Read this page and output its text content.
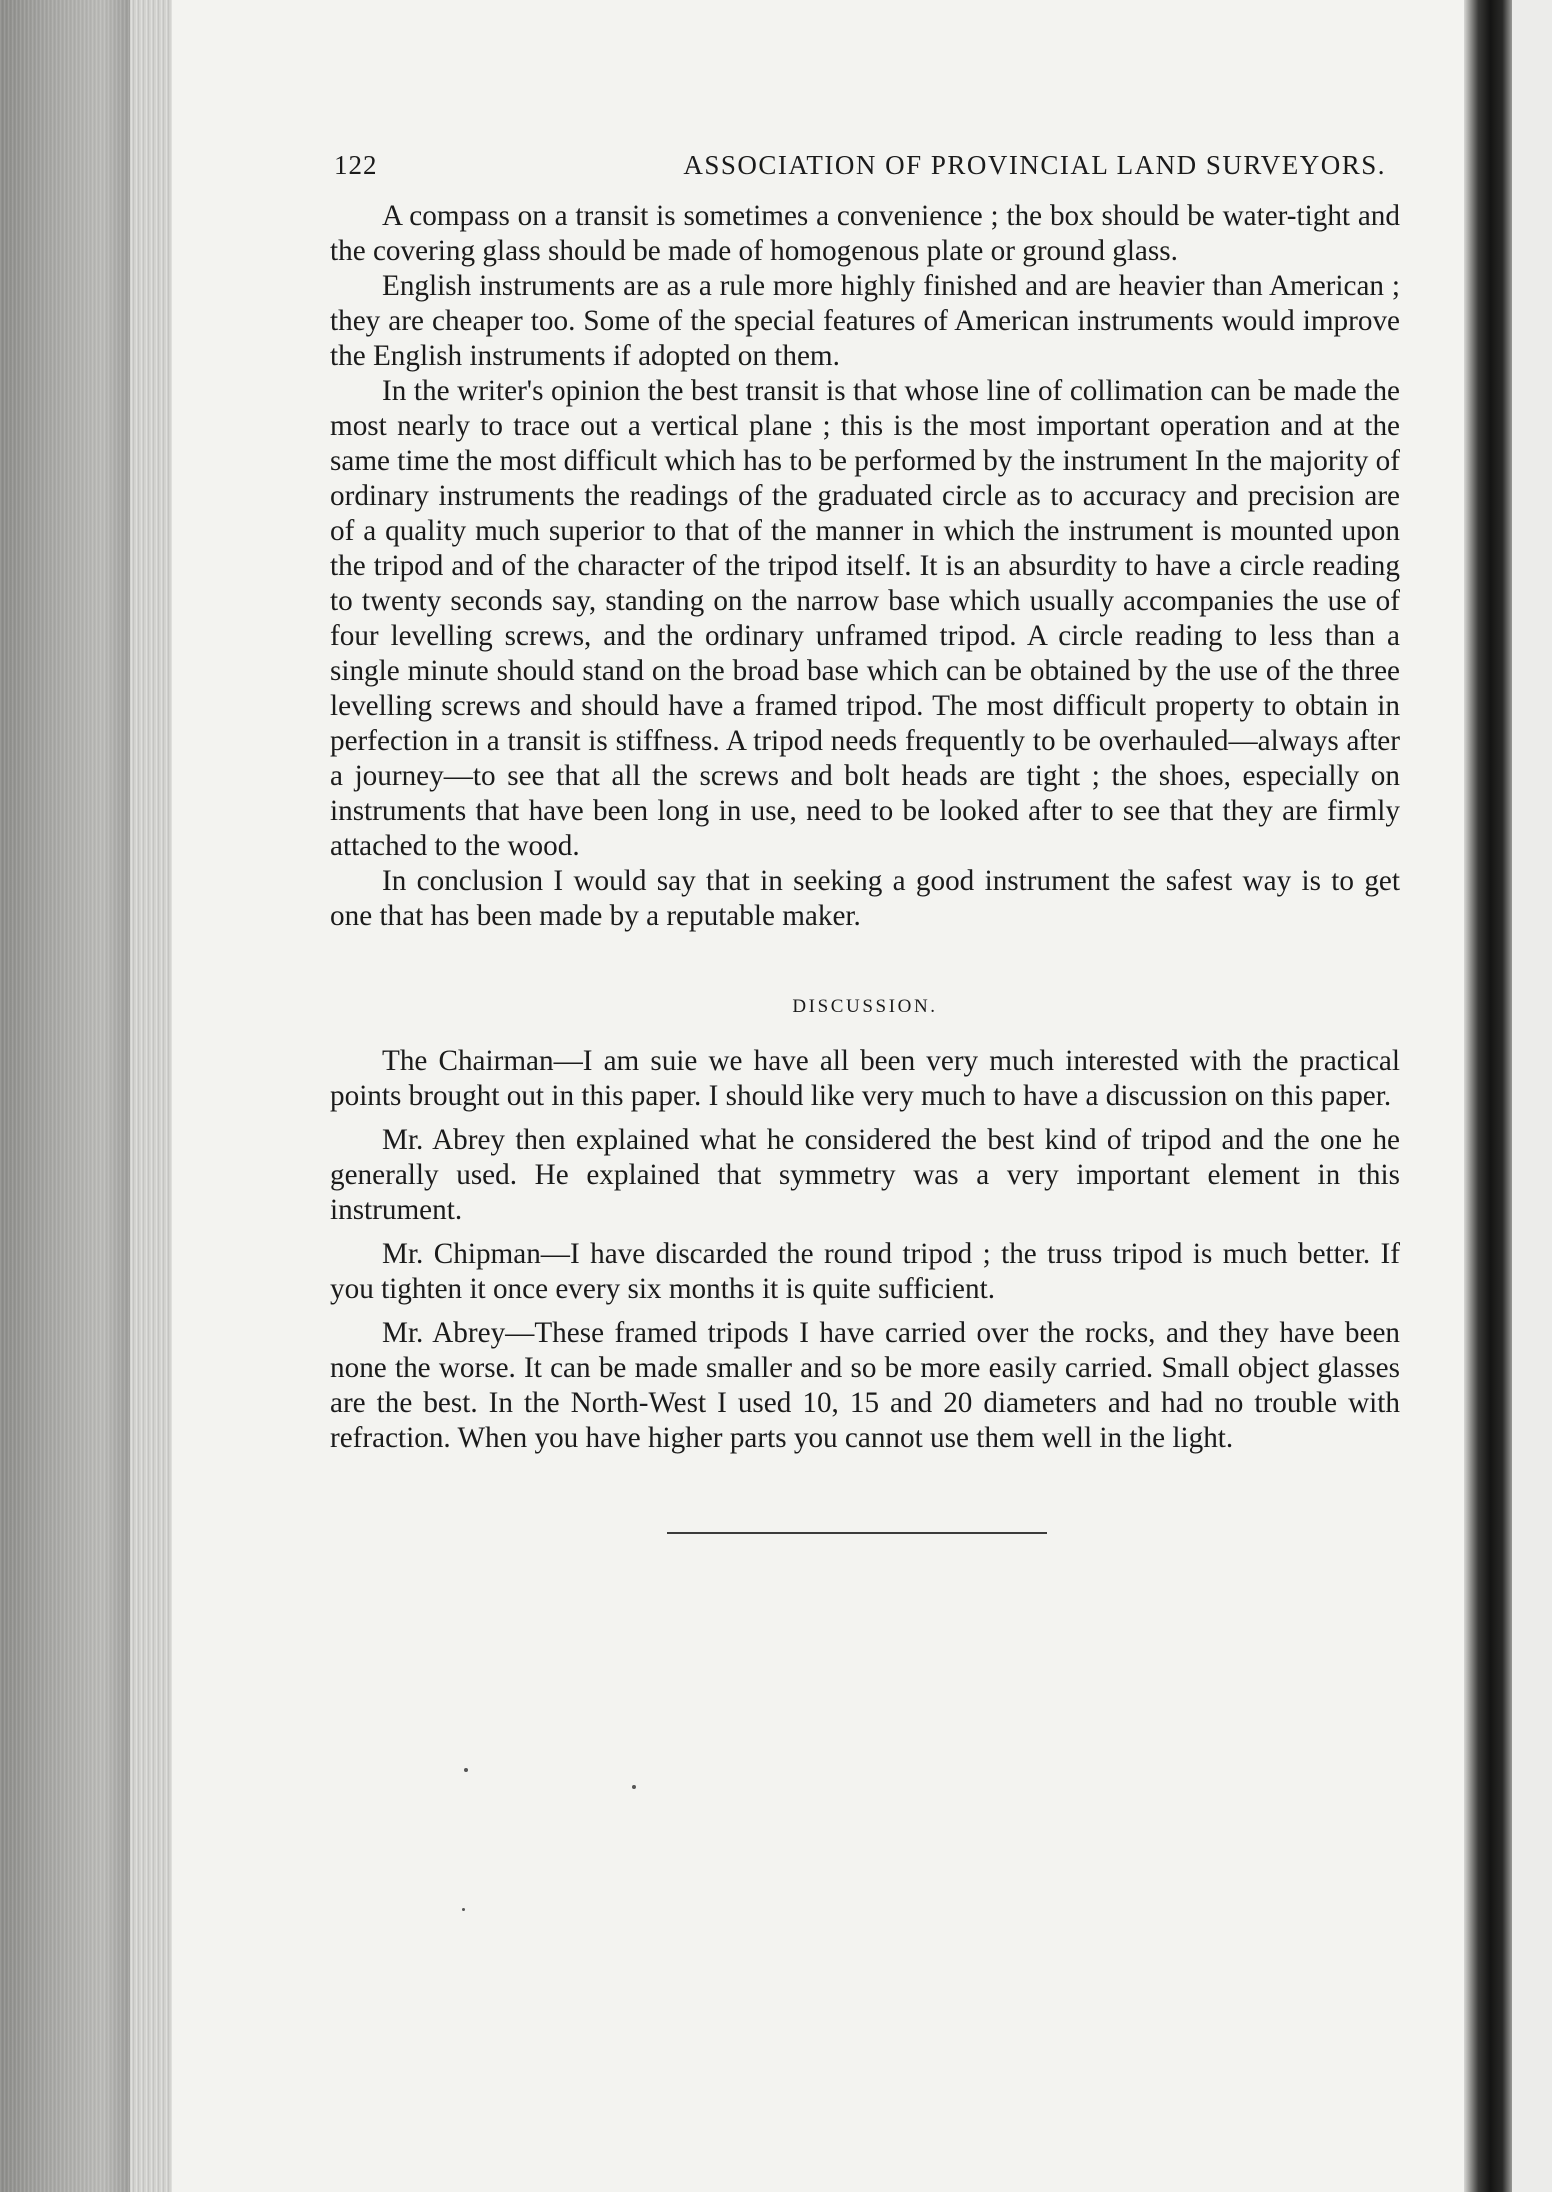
122	ASSOCIATION OF PROVINCIAL LAND SURVEYORS.

A compass on a transit is sometimes a convenience ; the box should be water-tight and the covering glass should be made of homogenous plate or ground glass.

English instruments are as a rule more highly finished and are heavier than American ; they are cheaper too. Some of the special features of American instruments would improve the English instruments if adopted on them.

In the writer's opinion the best transit is that whose line of collimation can be made the most nearly to trace out a vertical plane ; this is the most important operation and at the same time the most difficult which has to be performed by the instrument In the majority of ordinary instruments the readings of the graduated circle as to accuracy and precision are of a quality much superior to that of the manner in which the instrument is mounted upon the tripod and of the character of the tripod itself. It is an absurdity to have a circle reading to twenty seconds say, standing on the narrow base which usually accompanies the use of four levelling screws, and the ordinary unframed tripod. A circle reading to less than a single minute should stand on the broad base which can be obtained by the use of the three levelling screws and should have a framed tripod. The most difficult property to obtain in perfection in a transit is stiffness. A tripod needs frequently to be overhauled—always after a journey—to see that all the screws and bolt heads are tight ; the shoes, especially on instruments that have been long in use, need to be looked after to see that they are firmly attached to the wood.

In conclusion I would say that in seeking a good instrument the safest way is to get one that has been made by a reputable maker.

DISCUSSION.

The Chairman—I am suie we have all been very much interested with the practical points brought out in this paper. I should like very much to have a discussion on this paper.

Mr. Abrey then explained what he considered the best kind of tripod and the one he generally used. He explained that symmetry was a very important element in this instrument.

Mr. Chipman—I have discarded the round tripod ; the truss tripod is much better. If you tighten it once every six months it is quite sufficient.

Mr. Abrey—These framed tripods I have carried over the rocks, and they have been none the worse. It can be made smaller and so be more easily carried. Small object glasses are the best. In the North-West I used 10, 15 and 20 diameters and had no trouble with refraction. When you have higher parts you cannot use them well in the light.
